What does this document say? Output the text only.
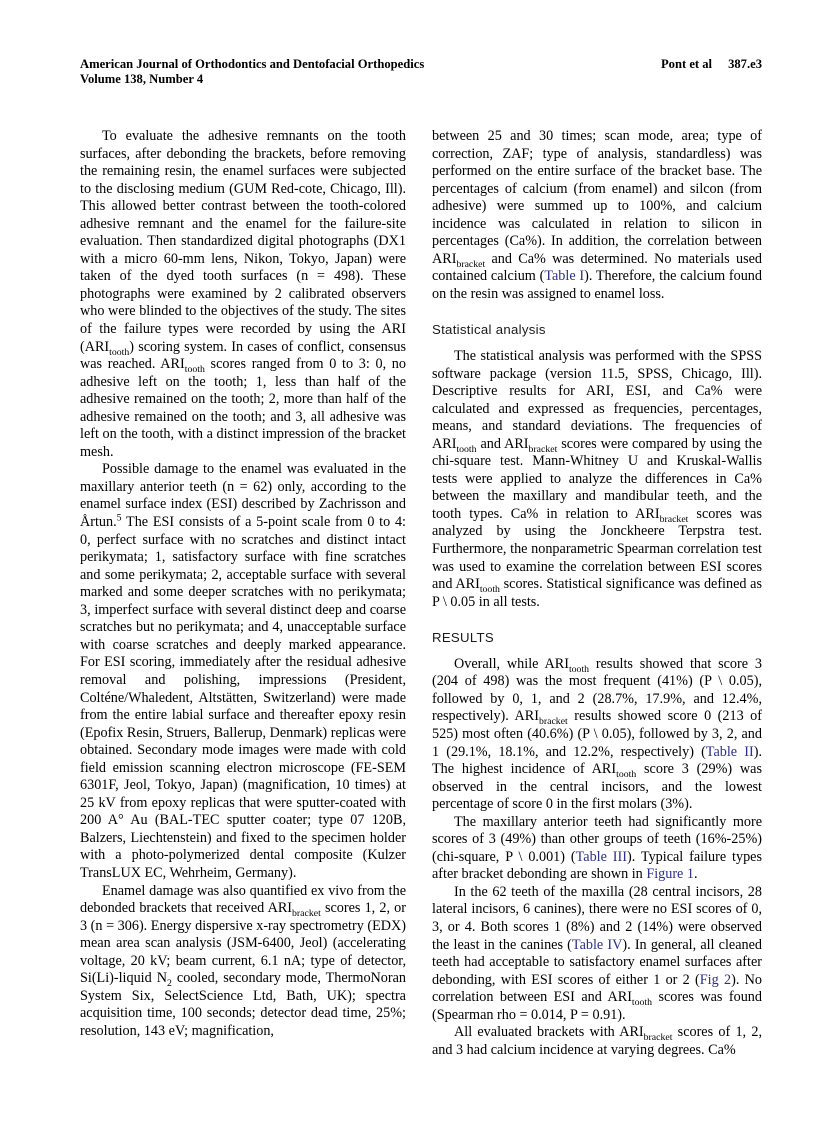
American Journal of Orthodontics and Dentofacial Orthopedics
Volume 138, Number 4
Pont et al 387.e3

To evaluate the adhesive remnants on the tooth surfaces, after debonding the brackets, before removing the remaining resin, the enamel surfaces were subjected to the disclosing medium (GUM Red-cote, Chicago, Ill). This allowed better contrast between the tooth-colored adhesive remnant and the enamel for the failure-site evaluation. Then standardized digital photographs (DX1 with a micro 60-mm lens, Nikon, Tokyo, Japan) were taken of the dyed tooth surfaces (n = 498). These photographs were examined by 2 calibrated observers who were blinded to the objectives of the study. The sites of the failure types were recorded by using the ARI $(ARI_{tooth})$ scoring system. In cases of conflict, consensus was reached. $ARI_{tooth}$ scores ranged from 0 to 3: 0, no adhesive left on the tooth; 1, less than half of the adhesive remained on the tooth; 2, more than half of the adhesive remained on the tooth; and 3, all adhesive was left on the tooth, with a distinct impression of the bracket mesh.

Possible damage to the enamel was evaluated in the maxillary anterior teeth (n = 62) only, according to the enamel surface index (ESI) described by Zachrisson and Årtun.$^5$ The ESI consists of a 5-point scale from 0 to 4: 0, perfect surface with no scratches and distinct intact perikymata; 1, satisfactory surface with fine scratches and some perikymata; 2, acceptable surface with several marked and some deeper scratches with no perikymata; 3, imperfect surface with several distinct deep and coarse scratches but no perikymata; and 4, unacceptable surface with coarse scratches and deeply marked appearance. For ESI scoring, immediately after the residual adhesive removal and polishing, impressions (President, Colténe/Whaledent, Altstätten, Switzerland) were made from the entire labial surface and thereafter epoxy resin (Epofix Resin, Struers, Ballerup, Denmark) replicas were obtained. Secondary mode images were made with cold field emission scanning electron microscope (FE-SEM 6301F, Jeol, Tokyo, Japan) (magnification, 10 times) at 25 kV from epoxy replicas that were sputter-coated with 200 A° Au (BAL-TEC sputter coater; type 07 120B, Balzers, Liechtenstein) and fixed to the specimen holder with a photo-polymerized dental composite (Kulzer TransLUX EC, Wehrheim, Germany).

Enamel damage was also quantified ex vivo from the debonded brackets that received $ARI_{bracket}$ scores 1, 2, or 3 (n = 306). Energy dispersive x-ray spectrometry (EDX) mean area scan analysis (JSM-6400, Jeol) (accelerating voltage, 20 kV; beam current, 6.1 nA; type of detector, Si(Li)-liquid $N_2$ cooled, secondary mode, ThermoNoran System Six, SelectScience Ltd, Bath, UK); spectra acquisition time, 100 seconds; detector dead time, 25%; resolution, 143 eV; magnification,

between 25 and 30 times; scan mode, area; type of correction, ZAF; type of analysis, standardless) was performed on the entire surface of the bracket base. The percentages of calcium (from enamel) and silcon (from adhesive) were summed up to 100%, and calcium incidence was calculated in relation to silicon in percentages (Ca%). In addition, the correlation between $ARI_{bracket}$ and Ca% was determined. No materials used contained calcium (Table I). Therefore, the calcium found on the resin was assigned to enamel loss.

Statistical analysis

The statistical analysis was performed with the SPSS software package (version 11.5, SPSS, Chicago, Ill). Descriptive results for ARI, ESI, and Ca% were calculated and expressed as frequencies, percentages, means, and standard deviations. The frequencies of $ARI_{tooth}$ and $ARI_{bracket}$ scores were compared by using the chi-square test. Mann-Whitney U and Kruskal-Wallis tests were applied to analyze the differences in Ca% between the maxillary and mandibular teeth, and the tooth types. Ca% in relation to $ARI_{bracket}$ scores was analyzed by using the Jonckheere Terpstra test. Furthermore, the nonparametric Spearman correlation test was used to examine the correlation between ESI scores and $ARI_{tooth}$ scores. Statistical significance was defined as P \ 0.05 in all tests.

RESULTS

Overall, while $ARI_{tooth}$ results showed that score 3 (204 of 498) was the most frequent (41%) (P \ 0.05), followed by 0, 1, and 2 (28.7%, 17.9%, and 12.4%, respectively). $ARI_{bracket}$ results showed score 0 (213 of 525) most often (40.6%) (P \ 0.05), followed by 3, 2, and 1 (29.1%, 18.1%, and 12.2%, respectively) (Table II). The highest incidence of $ARI_{tooth}$ score 3 (29%) was observed in the central incisors, and the lowest percentage of score 0 in the first molars (3%).

The maxillary anterior teeth had significantly more scores of 3 (49%) than other groups of teeth (16%-25%) (chi-square, P \ 0.001) (Table III). Typical failure types after bracket debonding are shown in Figure 1.

In the 62 teeth of the maxilla (28 central incisors, 28 lateral incisors, 6 canines), there were no ESI scores of 0, 3, or 4. Both scores 1 (8%) and 2 (14%) were observed the least in the canines (Table IV). In general, all cleaned teeth had acceptable to satisfactory enamel surfaces after debonding, with ESI scores of either 1 or 2 (Fig 2). No correlation between ESI and $ARI_{tooth}$ scores was found (Spearman rho = 0.014, P = 0.91).

All evaluated brackets with $ARI_{bracket}$ scores of 1, 2, and 3 had calcium incidence at varying degrees. Ca%
